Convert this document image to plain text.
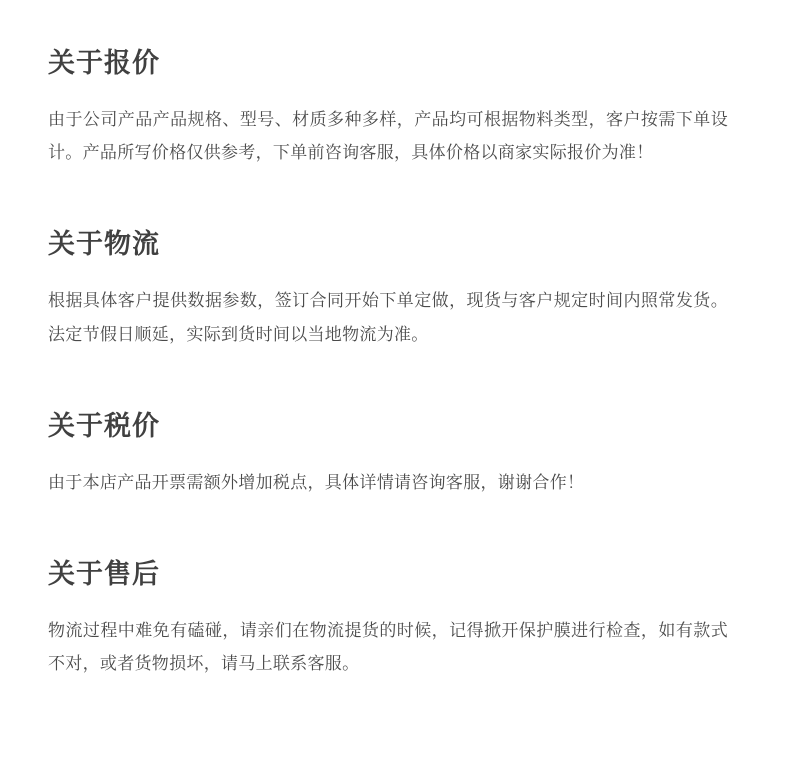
关于报价

由于公司产品产品规格、型号、材质多种多样，产品均可根据物料类型，客户按需下单设计。产品所写价格仅供参考，下单前咨询客服，具体价格以商家实际报价为准！

关于物流

根据具体客户提供数据参数，签订合同开始下单定做，现货与客户规定时间内照常发货。 法定节假日顺延，实际到货时间以当地物流为准。

关于税价

由于本店产品开票需额外增加税点，具体详情请咨询客服，谢谢合作！

关于售后

物流过程中难免有磕碰，请亲们在物流提货的时候，记得掀开保护膜进行检查，如有款式不对，或者货物损坏，请马上联系客服。
